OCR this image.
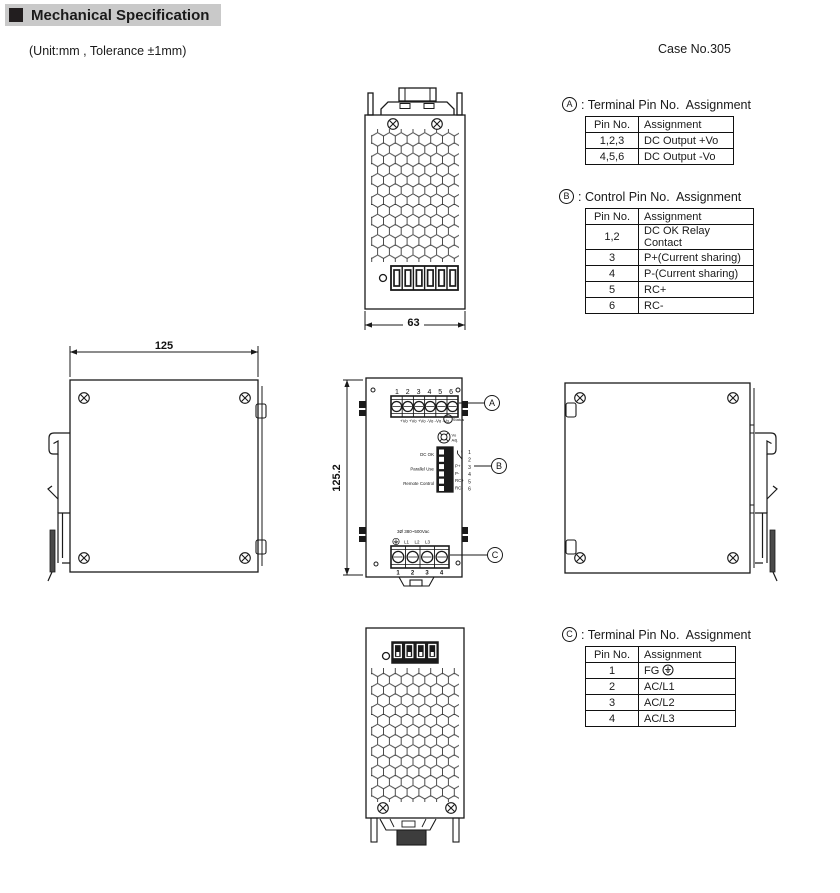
Mechanical Specification
(Unit:mm , Tolerance ±1mm)	Case No.305
63
125
125.2
1 2 3 4 5 6
+Vo +Vo +Vo -Vo -Vo -Vo Status
Vo
Adj.
DC OK
Parallel Use
Remote Control
P+
P-
RC+
RC-
1
2
3
4
5
6
3Ø 380~500Vac
L1 L2 L3
1 2 3 4
A
B
C
A : Terminal Pin No.  Assignment
Pin No.	Assignment
1,2,3	DC Output +Vo
4,5,6	DC Output -Vo
B : Control Pin No.  Assignment
Pin No.	Assignment
1,2	DC OK Relay Contact
3	P+(Current sharing)
4	P-(Current sharing)
5	RC+
6	RC-
C : Terminal Pin No.  Assignment
Pin No.	Assignment
1	FG
2	AC/L1
3	AC/L2
4	AC/L3
